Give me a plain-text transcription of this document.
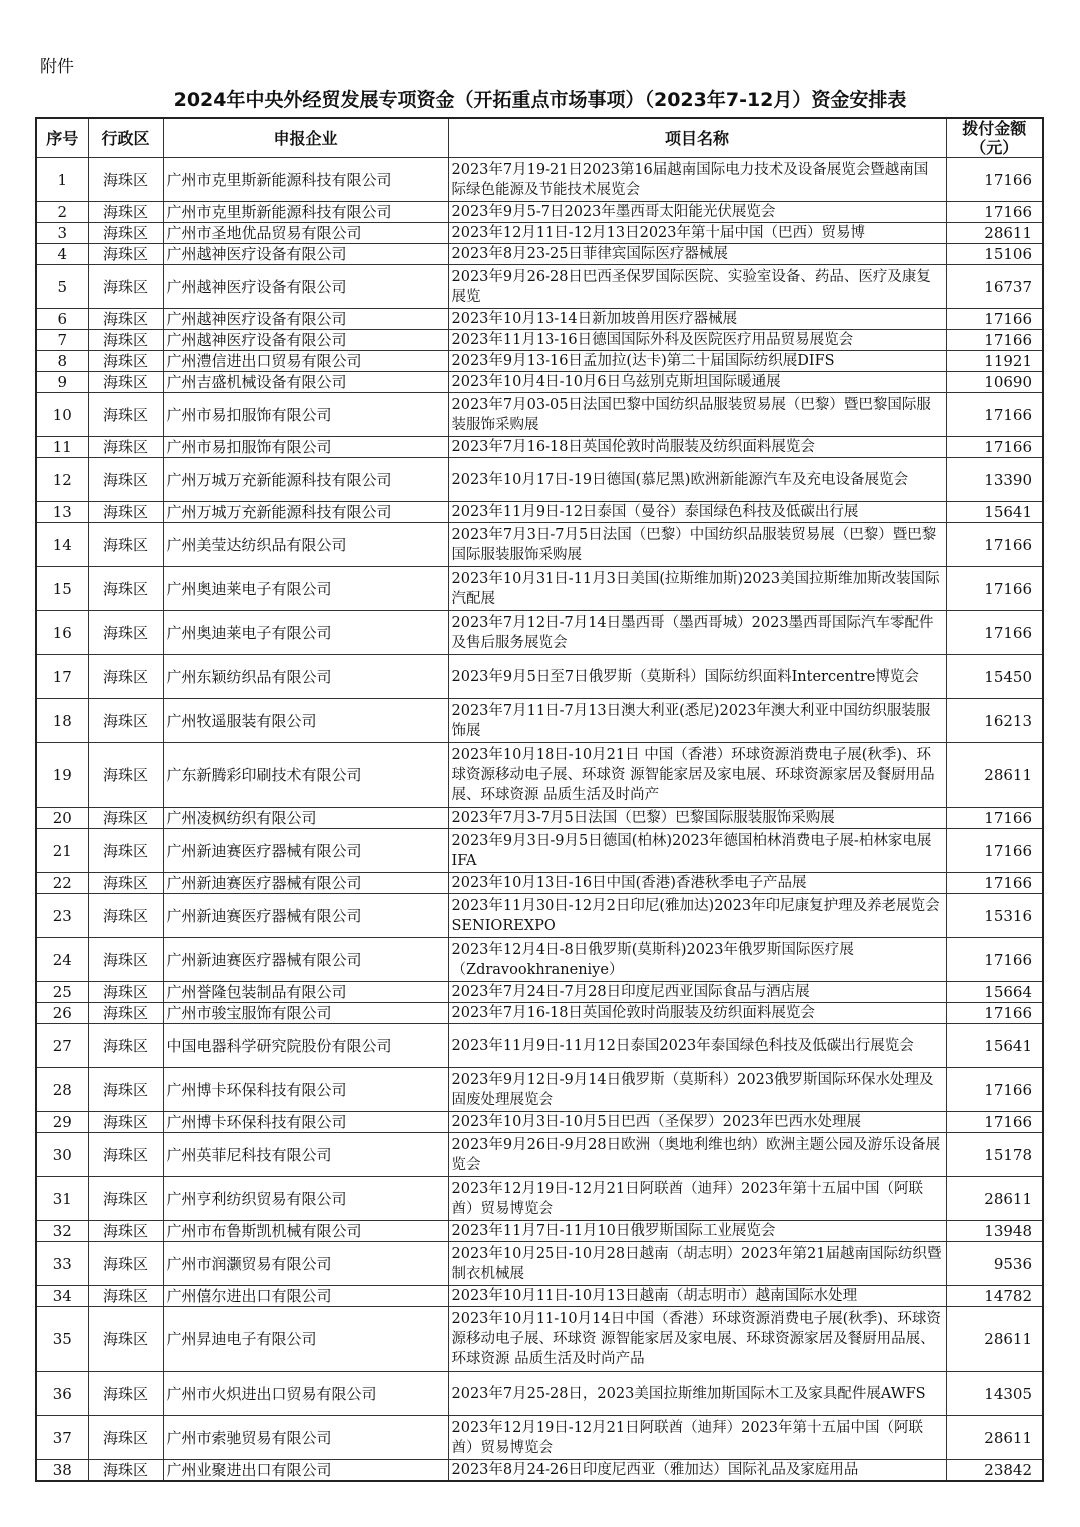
附件
2024年中央外经贸发展专项资金（开拓重点市场事项）（2023年7-12月）资金安排表
序号	行政区	申报企业	项目名称	拨付金额（元）
1	海珠区	广州市克里斯新能源科技有限公司	2023年7月19-21日2023第16届越南国际电力技术及设备展览会暨越南国际绿色能源及节能技术展览会	17166
2	海珠区	广州市克里斯新能源科技有限公司	2023年9月5-7日2023年墨西哥太阳能光伏展览会	17166
3	海珠区	广州市圣地优品贸易有限公司	2023年12月11日-12月13日2023年第十届中国（巴西）贸易博	28611
4	海珠区	广州越神医疗设备有限公司	2023年8月23-25日菲律宾国际医疗器械展	15106
5	海珠区	广州越神医疗设备有限公司	2023年9月26-28日巴西圣保罗国际医院、实验室设备、药品、医疗及康复展览	16737
6	海珠区	广州越神医疗设备有限公司	2023年10月13-14日新加坡兽用医疗器械展	17166
7	海珠区	广州越神医疗设备有限公司	2023年11月13-16日德国国际外科及医院医疗用品贸易展览会	17166
8	海珠区	广州澧信进出口贸易有限公司	2023年9月13-16日孟加拉(达卡)第二十届国际纺织展DIFS	11921
9	海珠区	广州吉盛机械设备有限公司	2023年10月4日-10月6日乌兹别克斯坦国际暖通展	10690
10	海珠区	广州市易扣服饰有限公司	2023年7月03-05日法国巴黎中国纺织品服装贸易展（巴黎）暨巴黎国际服装服饰采购展	17166
11	海珠区	广州市易扣服饰有限公司	2023年7月16-18日英国伦敦时尚服装及纺织面料展览会	17166
12	海珠区	广州万城万充新能源科技有限公司	2023年10月17日-19日德国(慕尼黑)欧洲新能源汽车及充电设备展览会	13390
13	海珠区	广州万城万充新能源科技有限公司	2023年11月9日-12日泰国（曼谷）泰国绿色科技及低碳出行展	15641
14	海珠区	广州美莹达纺织品有限公司	2023年7月3日-7月5日法国（巴黎）中国纺织品服装贸易展（巴黎）暨巴黎国际服装服饰采购展	17166
15	海珠区	广州奥迪莱电子有限公司	2023年10月31日-11月3日美国(拉斯维加斯)2023美国拉斯维加斯改装国际汽配展	17166
16	海珠区	广州奥迪莱电子有限公司	2023年7月12日-7月14日墨西哥（墨西哥城）2023墨西哥国际汽车零配件及售后服务展览会	17166
17	海珠区	广州东颖纺织品有限公司	2023年9月5日至7日俄罗斯（莫斯科）国际纺织面料Intercentre博览会	15450
18	海珠区	广州牧遥服装有限公司	2023年7月11日-7月13日澳大利亚(悉尼)2023年澳大利亚中国纺织服装服饰展	16213
19	海珠区	广东新腾彩印刷技术有限公司	2023年10月18日-10月21日 中国（香港）环球资源消费电子展(秋季)、环球资源移动电子展、环球资 源智能家居及家电展、环球资源家居及餐厨用品展、环球资源 品质生活及时尚产	28611
20	海珠区	广州凌枫纺织有限公司	2023年7月3-7月5日法国（巴黎）巴黎国际服装服饰采购展	17166
21	海珠区	广州新迪赛医疗器械有限公司	2023年9月3日-9月5日德国(柏林)2023年德国柏林消费电子展-柏林家电展IFA	17166
22	海珠区	广州新迪赛医疗器械有限公司	2023年10月13日-16日中国(香港)香港秋季电子产品展	17166
23	海珠区	广州新迪赛医疗器械有限公司	2023年11月30日-12月2日印尼(雅加达)2023年印尼康复护理及养老展览会SENIOREXPO	15316
24	海珠区	广州新迪赛医疗器械有限公司	2023年12月4日-8日俄罗斯(莫斯科)2023年俄罗斯国际医疗展（Zdravookhraneniye）	17166
25	海珠区	广州誉隆包装制品有限公司	2023年7月24日-7月28日印度尼西亚国际食品与酒店展	15664
26	海珠区	广州市骏宝服饰有限公司	2023年7月16-18日英国伦敦时尚服装及纺织面料展览会	17166
27	海珠区	中国电器科学研究院股份有限公司	2023年11月9日-11月12日泰国2023年泰国绿色科技及低碳出行展览会	15641
28	海珠区	广州博卡环保科技有限公司	2023年9月12日-9月14日俄罗斯（莫斯科）2023俄罗斯国际环保水处理及固废处理展览会	17166
29	海珠区	广州博卡环保科技有限公司	2023年10月3日-10月5日巴西（圣保罗）2023年巴西水处理展	17166
30	海珠区	广州英菲尼科技有限公司	2023年9月26日-9月28日欧洲（奥地利维也纳）欧洲主题公园及游乐设备展览会	15178
31	海珠区	广州亨利纺织贸易有限公司	2023年12月19日-12月21日阿联酋（迪拜）2023年第十五届中国（阿联酋）贸易博览会	28611
32	海珠区	广州市布鲁斯凯机械有限公司	2023年11月7日-11月10日俄罗斯国际工业展览会	13948
33	海珠区	广州市润灏贸易有限公司	2023年10月25日-10月28日越南（胡志明）2023年第21届越南国际纺织暨制衣机械展	9536
34	海珠区	广州僖尔进出口有限公司	2023年10月11日-10月13日越南（胡志明市）越南国际水处理	14782
35	海珠区	广州昇迪电子有限公司	2023年10月11-10月14日中国（香港）环球资源消费电子展(秋季)、环球资源移动电子展、环球资 源智能家居及家电展、环球资源家居及餐厨用品展、环球资源 品质生活及时尚产品	28611
36	海珠区	广州市火炽进出口贸易有限公司	2023年7月25-28日，2023美国拉斯维加斯国际木工及家具配件展AWFS	14305
37	海珠区	广州市索驰贸易有限公司	2023年12月19日-12月21日阿联酋（迪拜）2023年第十五届中国（阿联酋）贸易博览会	28611
38	海珠区	广州业聚进出口有限公司	2023年8月24-26日印度尼西亚（雅加达）国际礼品及家庭用品	23842
